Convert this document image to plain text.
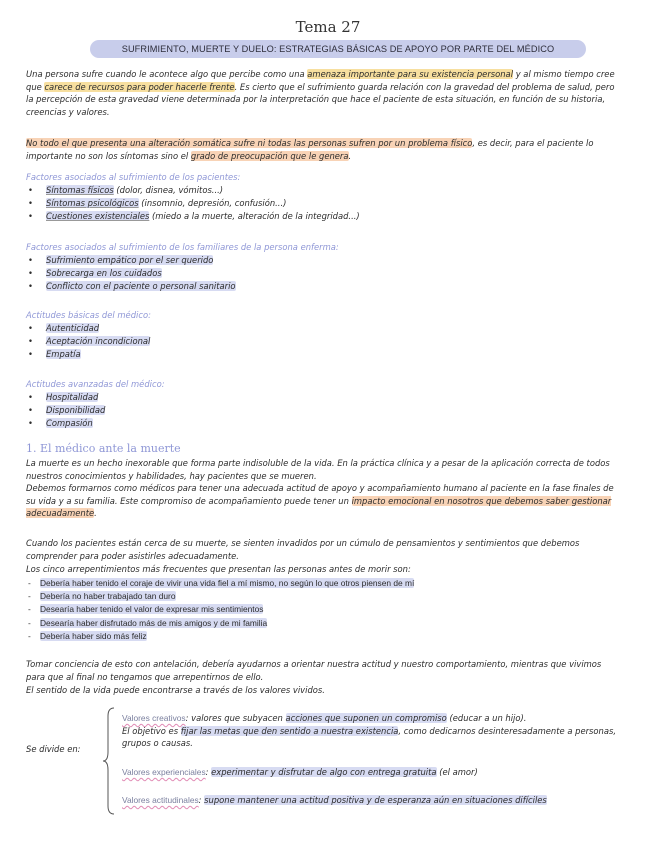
Tema 27
SUFRIMIENTO, MUERTE Y DUELO: ESTRATEGIAS BÁSICAS DE APOYO POR PARTE DEL MÉDICO
Una persona sufre cuando le acontece algo que percibe como una amenaza importante para su existencia personal y al mismo tiempo cree que carece de recursos para poder hacerle frente. Es cierto que el sufrimiento guarda relación con la gravedad del problema de salud, pero la percepción de esta gravedad viene determinada por la interpretación que hace el paciente de esta situación, en función de su historia, creencias y valores.
No todo el que presenta una alteración somática sufre ni todas las personas sufren por un problema físico, es decir, para el paciente lo importante no son los síntomas sino el grado de preocupación que le genera.
Factores asociados al sufrimiento de los pacientes:
• Síntomas físicos (dolor, disnea, vómitos...)
• Síntomas psicológicos (insomnio, depresión, confusión...)
• Cuestiones existenciales (miedo a la muerte, alteración de la integridad...)
Factores asociados al sufrimiento de los familiares de la persona enferma:
• Sufrimiento empático por el ser querido
• Sobrecarga en los cuidados
• Conflicto con el paciente o personal sanitario
Actitudes básicas del médico:
• Autenticidad
• Aceptación incondicional
• Empatía
Actitudes avanzadas del médico:
• Hospitalidad
• Disponibilidad
• Compasión
1. El médico ante la muerte
La muerte es un hecho inexorable que forma parte indisoluble de la vida. En la práctica clínica y a pesar de la aplicación correcta de todos nuestros conocimientos y habilidades, hay pacientes que se mueren.
Debemos formarnos como médicos para tener una adecuada actitud de apoyo y acompañamiento humano al paciente en la fase finales de su vida y a su familia. Este compromiso de acompañamiento puede tener un impacto emocional en nosotros que debemos saber gestionar adecuadamente.
Cuando los pacientes están cerca de su muerte, se sienten invadidos por un cúmulo de pensamientos y sentimientos que debemos comprender para poder asistirles adecuadamente.
Los cinco arrepentimientos más frecuentes que presentan las personas antes de morir son:
- Debería haber tenido el coraje de vivir una vida fiel a mí mismo, no según lo que otros piensen de mí
- Debería no haber trabajado tan duro
- Desearía haber tenido el valor de expresar mis sentimientos
- Desearía haber disfrutado más de mis amigos y de mi familia
- Debería haber sido más feliz
Tomar conciencia de esto con antelación, debería ayudarnos a orientar nuestra actitud y nuestro comportamiento, mientras que vivimos para que al final no tengamos que arrepentirnos de ello.
El sentido de la vida puede encontrarse a través de los valores vividos.
Se divide en:
Valores creativos: valores que subyacen acciones que suponen un compromiso (educar a un hijo).
El objetivo es fijar las metas que den sentido a nuestra existencia, como dedicarnos desinteresadamente a personas, grupos o causas.
Valores experienciales: experimentar y disfrutar de algo con entrega gratuita (el amor)
Valores actitudinales: supone mantener una actitud positiva y de esperanza aún en situaciones difíciles
